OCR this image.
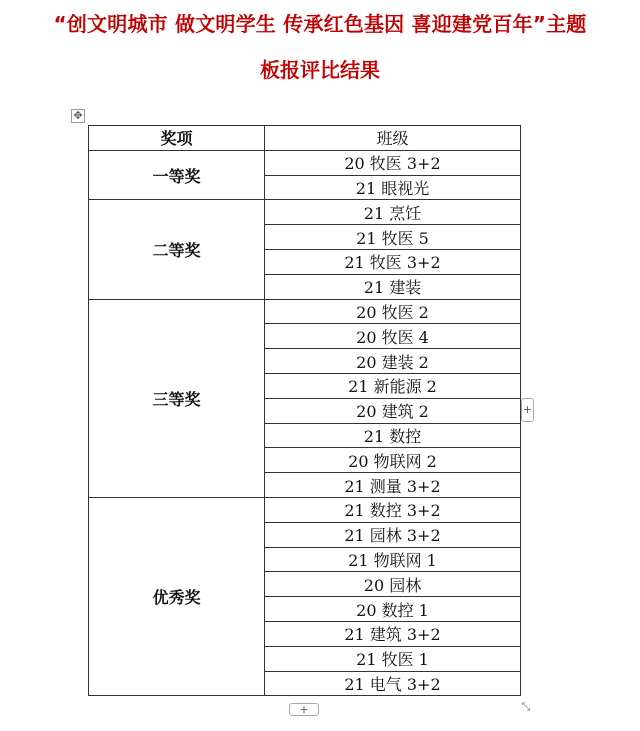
“创文明城市 做文明学生 传承红色基因 喜迎建党百年”主题
板报评比结果
✥
奖项	班级
一等奖	20 牧医 3+2
	21 眼视光
二等奖	21 烹饪
	21 牧医 5
	21 牧医 3+2
	21 建装
三等奖	20 牧医 2
	20 牧医 4
	20 建装 2
	21 新能源 2
	20 建筑 2
	21 数控
	20 物联网 2
	21 测量 3+2
优秀奖	21 数控 3+2
	21 园林 3+2
	21 物联网 1
	20 园林
	20 数控 1
	21 建筑 3+2
	21 牧医 1
	21 电气 3+2
+
+	⤡
